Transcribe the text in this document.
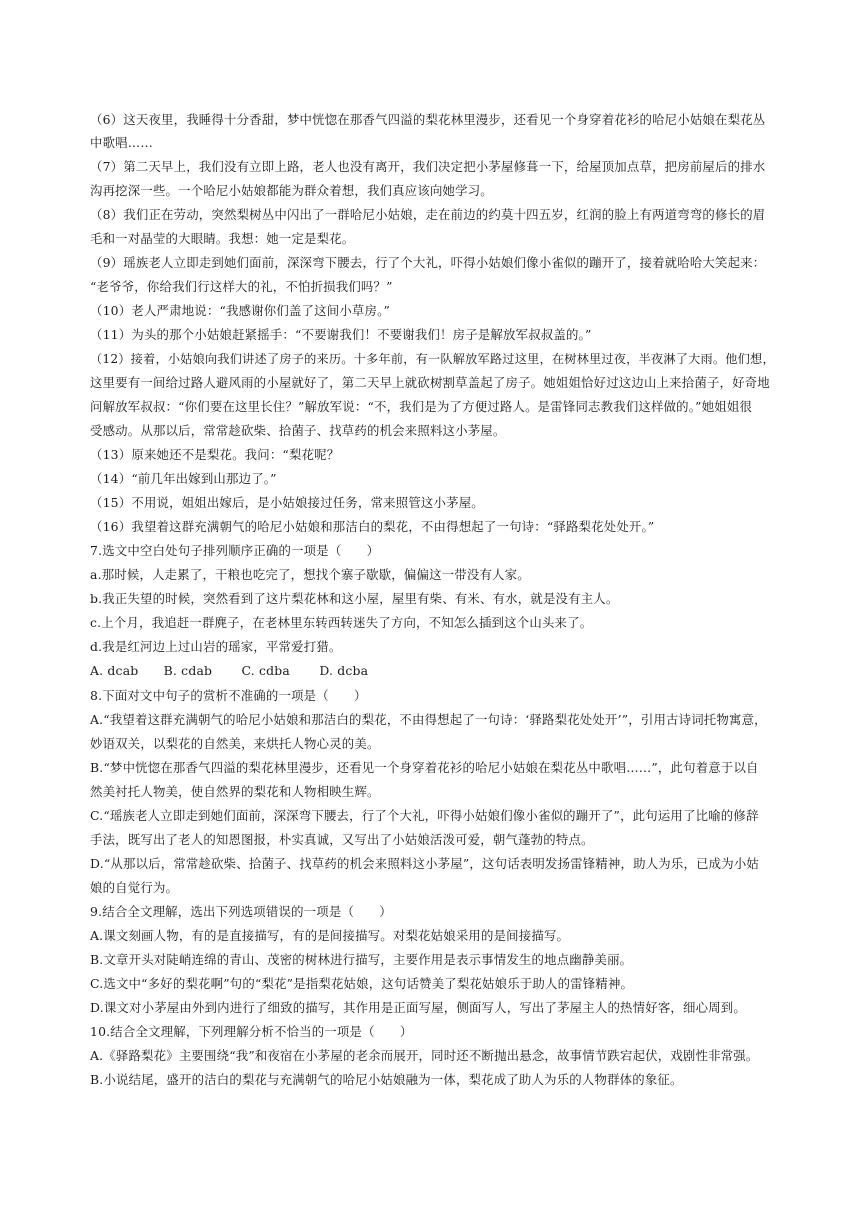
（6）这天夜里，我睡得十分香甜，梦中恍惚在那香气四溢的梨花林里漫步，还看见一个身穿着花衫的哈尼小姑娘在梨花丛
中歌唱……
（7）第二天早上，我们没有立即上路，老人也没有离开，我们决定把小茅屋修葺一下，给屋顶加点草，把房前屋后的排水
沟再挖深一些。一个哈尼小姑娘都能为群众着想，我们真应该向她学习。
（8）我们正在劳动，突然梨树丛中闪出了一群哈尼小姑娘，走在前边的约莫十四五岁，红润的脸上有两道弯弯的修长的眉
毛和一对晶莹的大眼睛。我想：她一定是梨花。
（9）瑶族老人立即走到她们面前，深深弯下腰去，行了个大礼，吓得小姑娘们像小雀似的蹦开了，接着就哈哈大笑起来：
“老爷爷，你给我们行这样大的礼，不怕折损我们吗？”
（10）老人严肃地说：“我感谢你们盖了这间小草房。”
（11）为头的那个小姑娘赶紧摇手：“不要谢我们！不要谢我们！房子是解放军叔叔盖的。”
（12）接着，小姑娘向我们讲述了房子的来历。十多年前，有一队解放军路过这里，在树林里过夜，半夜淋了大雨。他们想，
这里要有一间给过路人避风雨的小屋就好了，第二天早上就砍树割草盖起了房子。她姐姐恰好过这边山上来拾菌子，好奇地
问解放军叔叔：“你们要在这里长住？”解放军说：“不，我们是为了方便过路人。是雷锋同志教我们这样做的。”她姐姐很
受感动。从那以后，常常趁砍柴、拾菌子、找草药的机会来照料这小茅屋。
（13）原来她还不是梨花。我问：“梨花呢？
（14）“前几年出嫁到山那边了。”
（15）不用说，姐姐出嫁后，是小姑娘接过任务，常来照管这小茅屋。
（16）我望着这群充满朝气的哈尼小姑娘和那洁白的梨花，不由得想起了一句诗：“驿路梨花处处开。”
7.选文中空白处句子排列顺序正确的一项是（　　）
a.那时候，人走累了，干粮也吃完了，想找个寨子歇歇，偏偏这一带没有人家。
b.我正失望的时候，突然看到了这片梨花林和这小屋，屋里有柴、有米、有水，就是没有主人。
c.上个月，我追赶一群麂子，在老林里东转西转迷失了方向，不知怎么插到这个山头来了。
d.我是红河边上过山岩的瑶家，平常爱打猎。
A. dcab　　B. cdab　　 C. cdba　　 D. dcba
8.下面对文中句子的赏析不准确的一项是（　　）
A.“我望着这群充满朝气的哈尼小姑娘和那洁白的梨花，不由得想起了一句诗：‘驿路梨花处处开’”，引用古诗词托物寓意，
妙语双关，以梨花的自然美，来烘托人物心灵的美。
B.“梦中恍惚在那香气四溢的梨花林里漫步，还看见一个身穿着花衫的哈尼小姑娘在梨花丛中歌唱……”，此句着意于以自
然美衬托人物美，使自然界的梨花和人物相映生辉。
C.“瑶族老人立即走到她们面前，深深弯下腰去，行了个大礼，吓得小姑娘们像小雀似的蹦开了”，此句运用了比喻的修辞
手法，既写出了老人的知恩图报，朴实真诚，又写出了小姑娘活泼可爱，朝气蓬勃的特点。
D.“从那以后，常常趁砍柴、拾菌子、找草药的机会来照料这小茅屋”，这句话表明发扬雷锋精神，助人为乐，已成为小姑
娘的自觉行为。
9.结合全文理解，选出下列选项错误的一项是（　　）
A.课文刻画人物，有的是直接描写，有的是间接描写。对梨花姑娘采用的是间接描写。
B.文章开头对陡峭连绵的青山、茂密的树林进行描写，主要作用是表示事情发生的地点幽静美丽。
C.选文中“多好的梨花啊”句的“梨花”是指梨花姑娘，这句话赞美了梨花姑娘乐于助人的雷锋精神。
D.课文对小茅屋由外到内进行了细致的描写，其作用是正面写屋，侧面写人，写出了茅屋主人的热情好客，细心周到。
10.结合全文理解，下列理解分析不恰当的一项是（　　）
A.《驿路梨花》主要围绕“我”和夜宿在小茅屋的老余而展开，同时还不断抛出悬念，故事情节跌宕起伏，戏剧性非常强。
B.小说结尾，盛开的洁白的梨花与充满朝气的哈尼小姑娘融为一体，梨花成了助人为乐的人物群体的象征。
